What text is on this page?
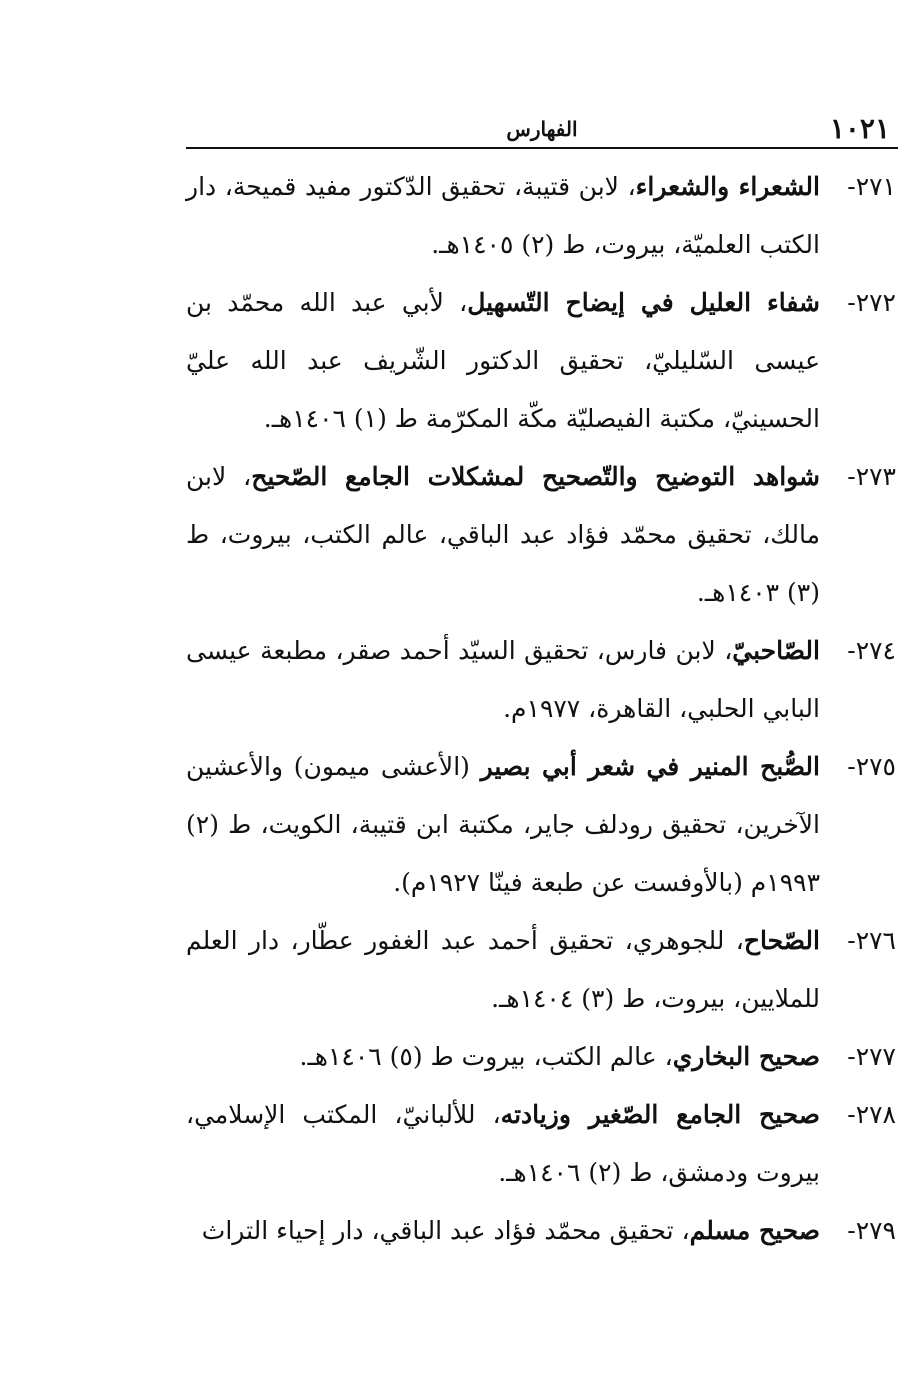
١٠٢١
الفهارس

٢٧١-
الشعراء والشعراء، لابن قتيبة، تحقيق الدّكتور مفيد قميحة، دار الكتب العلميّة، بيروت، ط (٢) ١٤٠٥هـ.

٢٧٢-
شفاء العليل في إيضاح التّسهيل، لأبي عبد الله محمّد بن عيسى السّليليّ، تحقيق الدكتور الشّريف عبد الله عليّ الحسينيّ، مكتبة الفيصليّة مكّة المكرّمة ط (١) ١٤٠٦هـ.

٢٧٣-
شواهد التوضيح والتّصحيح لمشكلات الجامع الصّحيح، لابن مالك، تحقيق محمّد فؤاد عبد الباقي، عالم الكتب، بيروت، ط (٣) ١٤٠٣هـ.

٢٧٤-
الصّاحبيّ، لابن فارس، تحقيق السيّد أحمد صقر، مطبعة عيسى البابي الحلبي، القاهرة، ١٩٧٧م.

٢٧٥-
الصُّبح المنير في شعر أبي بصير (الأعشى ميمون) والأعشين الآخرين، تحقيق رودلف جاير، مكتبة ابن قتيبة، الكويت، ط (٢) ١٩٩٣م (بالأوفست عن طبعة فينّا ١٩٢٧م).

٢٧٦-
الصّحاح، للجوهري، تحقيق أحمد عبد الغفور عطّار، دار العلم للملايين، بيروت، ط (٣) ١٤٠٤هـ.

٢٧٧-
صحيح البخاري، عالم الكتب، بيروت ط (٥) ١٤٠٦هـ.

٢٧٨-
صحيح الجامع الصّغير وزيادته، للألبانيّ، المكتب الإسلامي، بيروت ودمشق، ط (٢) ١٤٠٦هـ.

٢٧٩-
صحيح مسلم، تحقيق محمّد فؤاد عبد الباقي، دار إحياء التراث
